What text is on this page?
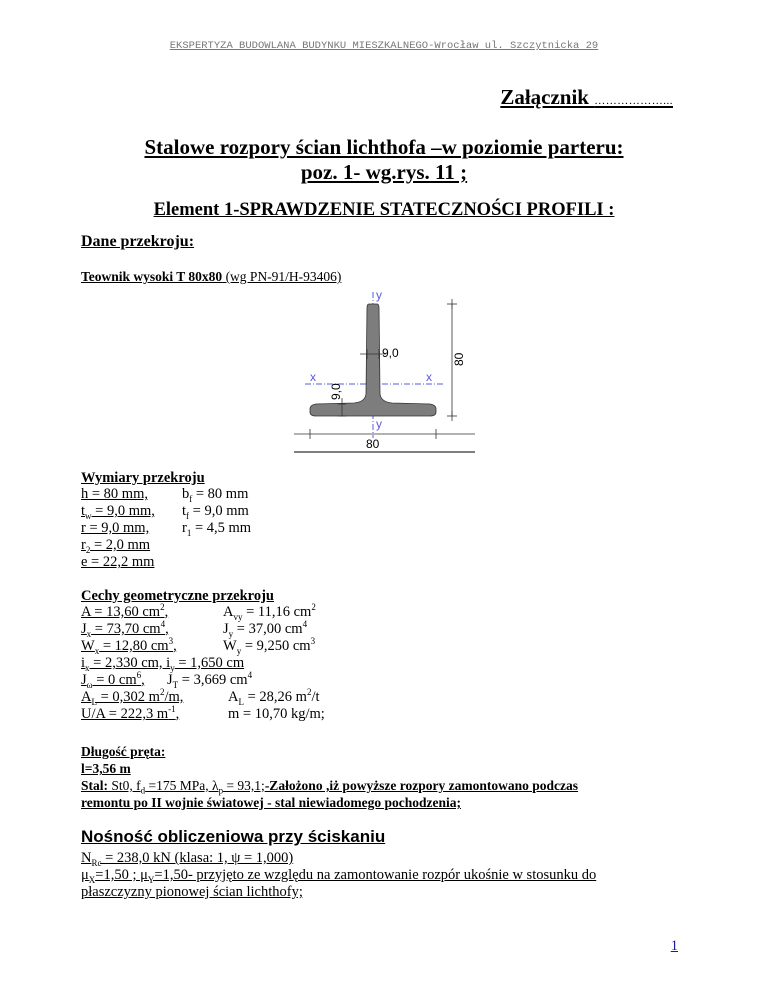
EKSPERTYZA BUDOWLANA BUDYNKU MIESZKALNEGO-Wrocław ul. Szczytnicka 29
Załącznik ………………...
Stalowe rozpory ścian lichthofa –w poziomie parteru:
poz. 1- wg.rys. 11 ;
Element 1-SPRAWDZENIE STATECZNOŚCI PROFILI :
Dane przekroju:
Teownik wysoki T 80x80 (wg PN-91/H-93406)
y
y
x	x
9,0
9,0
80
80
Wymiary przekroju
h = 80 mm, $b_f = 80$ mm
$t_w = 9,0$ mm, $t_f = 9,0$ mm
r = 9,0 mm, $r_1 = 4,5$ mm
$r_2 = 2,0$ mm
e = 22,2 mm
Cechy geometryczne przekroju
A = 13,60 $cm^2$,	$A_{vy} = 11,16$ $cm^2$
$J_x = 73,70$ $cm^4$,	$J_y = 37,00$ $cm^4$
$W_x = 12,80$ $cm^3$,	$W_y = 9,250$ $cm^3$
$i_x = 2,330$ cm, $i_y = 1,650$ cm
$J_\omega = 0$ $cm^6$, $J_T = 3,669$ $cm^4$
$A_L = 0,302$ $m^2/m$,	$A_L = 28,26$ $m^2/t$
U/A = 222,3 $m^{-1}$,	m = 10,70 kg/m;
Długość pręta:
l=3,56 m
Stal: St0, $f_d =175$ MPa, $\lambda_p$ = 93,1;-Założono ,iż powyższe rozpory zamontowano podczas
remontu po II wojnie światowej - stal niewiadomego pochodzenia;
Nośność obliczeniowa przy ściskaniu
$N_{Rc} = 238,0$ kN (klasa: 1, ψ = 1,000)
$\mu_X=1,50$ ; $\mu_Y=1,50-$ przyjęto ze względu na zamontowanie rozpór ukośnie w stosunku do
płaszczyzny pionowej ścian lichthofy;
1
